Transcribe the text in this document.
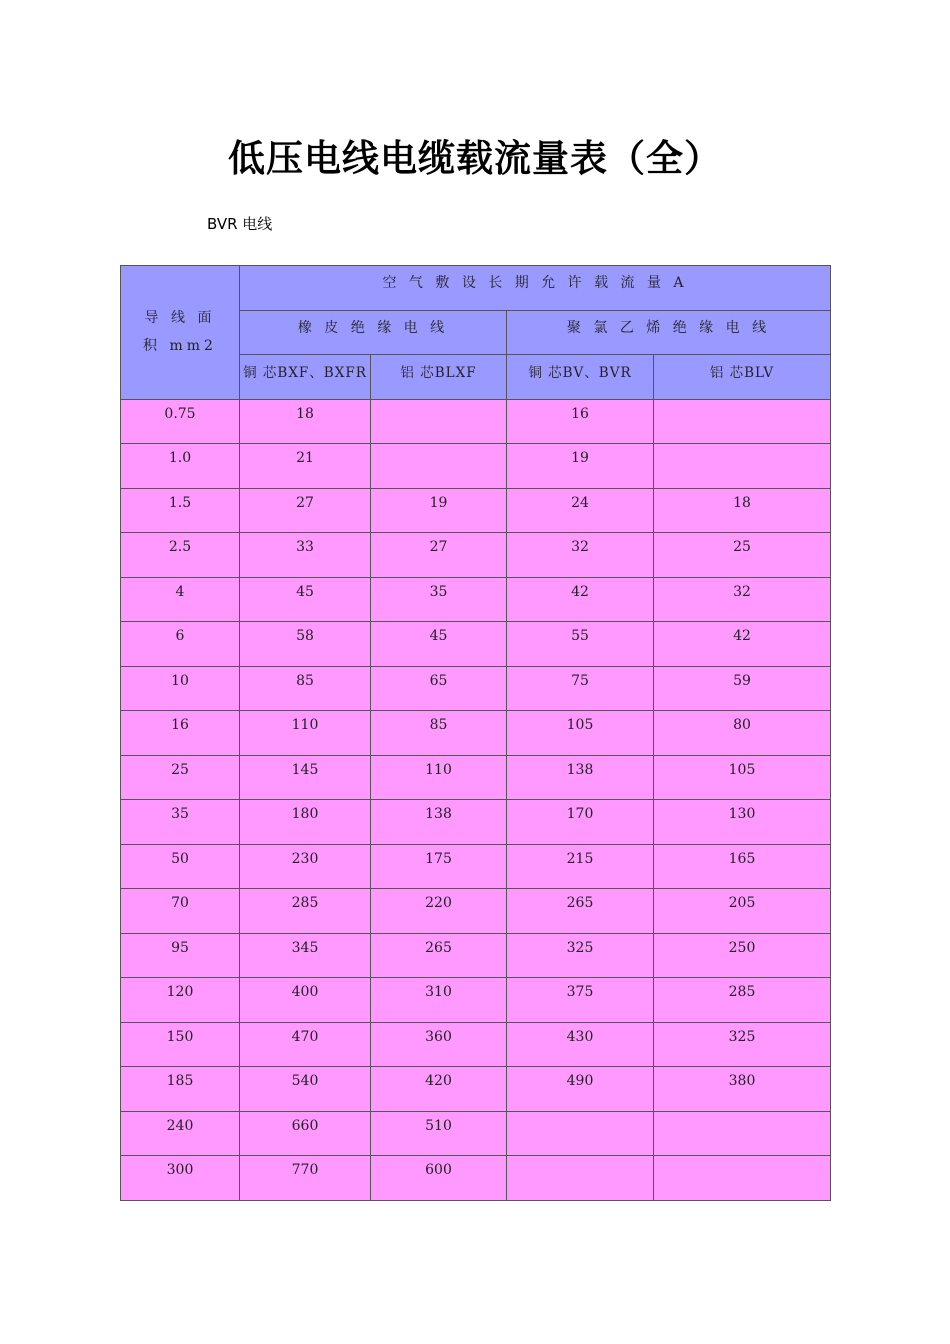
低压电线电缆载流量表（全）
BVR 电线
导 线 面
积 mm2	空 气 敷 设 长 期 允 许 载 流 量 A			
	橡 皮 绝 缘 电 线		聚 氯 乙 烯 绝 缘 电 线	
	铜 芯BXF、BXFR	铝 芯BLXF	铜 芯BV、BVR	铝 芯BLV
0.75	18		16	
1.0	21		19	
1.5	27	19	24	18
2.5	33	27	32	25
4	45	35	42	32
6	58	45	55	42
10	85	65	75	59
16	110	85	105	80
25	145	110	138	105
35	180	138	170	130
50	230	175	215	165
70	285	220	265	205
95	345	265	325	250
120	400	310	375	285
150	470	360	430	325
185	540	420	490	380
240	660	510		
300	770	600		
